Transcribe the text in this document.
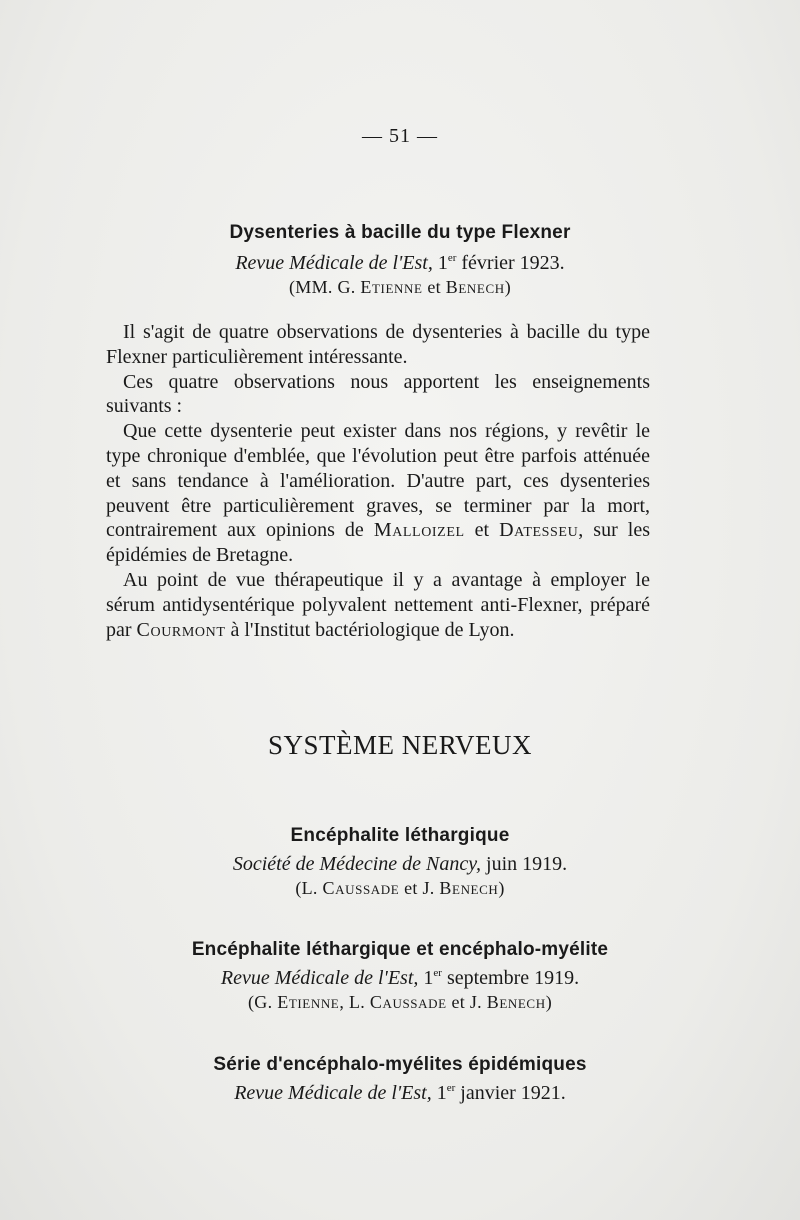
— 51 —
Dysenteries à bacille du type Flexner
Revue Médicale de l'Est, 1er février 1923.
(MM. G. Etienne et Benech)

Il s'agit de quatre observations de dysenteries à bacille du type Flexner particulièrement intéressante.

Ces quatre observations nous apportent les enseignements suivants :

Que cette dysenterie peut exister dans nos régions, y revêtir le type chronique d'emblée, que l'évolution peut être parfois atténuée et sans tendance à l'amélioration. D'autre part, ces dysenteries peuvent être particulièrement graves, se terminer par la mort, contrairement aux opinions de Malloizel et Datesseu, sur les épidémies de Bretagne.

Au point de vue thérapeutique il y a avantage à employer le sérum antidysentérique polyvalent nettement anti-Flexner, préparé par Courmont à l'Institut bactériologique de Lyon.

SYSTÈME NERVEUX
Encéphalite léthargique
Société de Médecine de Nancy, juin 1919.
(L. Caussade et J. Benech)
Encéphalite léthargique et encéphalo-myélite
Revue Médicale de l'Est, 1er septembre 1919.
(G. Etienne, L. Caussade et J. Benech)
Série d'encéphalo-myélites épidémiques
Revue Médicale de l'Est, 1er janvier 1921.
